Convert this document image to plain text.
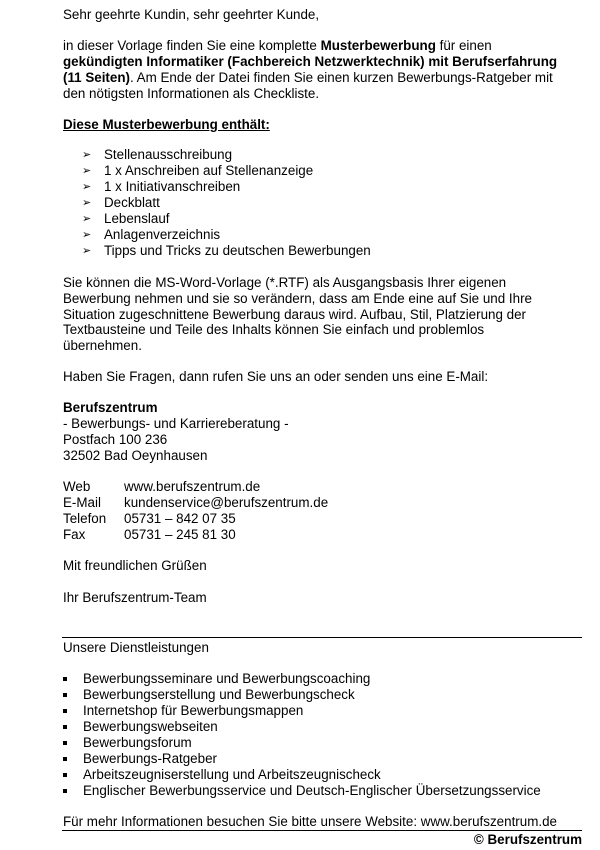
Sehr geehrte Kundin, sehr geehrter Kunde,
in dieser Vorlage finden Sie eine komplette Musterbewerbung für einen
gekündigten Informatiker (Fachbereich Netzwerktechnik) mit Berufserfahrung
(11 Seiten). Am Ende der Datei finden Sie einen kurzen Bewerbungs-Ratgeber mit
den nötigsten Informationen als Checkliste.
Diese Musterbewerbung enthält:
➢ Stellenausschreibung
➢ 1 x Anschreiben auf Stellenanzeige
➢ 1 x Initiativanschreiben
➢ Deckblatt
➢ Lebenslauf
➢ Anlagenverzeichnis
➢ Tipps und Tricks zu deutschen Bewerbungen
Sie können die MS-Word-Vorlage (*.RTF) als Ausgangsbasis Ihrer eigenen
Bewerbung nehmen und sie so verändern, dass am Ende eine auf Sie und Ihre
Situation zugeschnittene Bewerbung daraus wird. Aufbau, Stil, Platzierung der
Textbausteine und Teile des Inhalts können Sie einfach und problemlos
übernehmen.
Haben Sie Fragen, dann rufen Sie uns an oder senden uns eine E-Mail:
Berufszentrum
- Bewerbungs- und Karriereberatung -
Postfach 100 236
32502 Bad Oeynhausen
Web	www.berufszentrum.de
E-Mail kundenservice@berufszentrum.de
Telefon 05731 – 842 07 35
Fax	05731 – 245 81 30
Mit freundlichen Grüßen
Ihr Berufszentrum-Team
Unsere Dienstleistungen
Bewerbungsseminare und Bewerbungscoaching
Bewerbungserstellung und Bewerbungscheck
Internetshop für Bewerbungsmappen
Bewerbungswebseiten
Bewerbungsforum
Bewerbungs-Ratgeber
Arbeitszeugniserstellung und Arbeitszeugnischeck
Englischer Bewerbungsservice und Deutsch-Englischer Übersetzungsservice
Für mehr Informationen besuchen Sie bitte unsere Website: www.berufszentrum.de
© Berufszentrum
